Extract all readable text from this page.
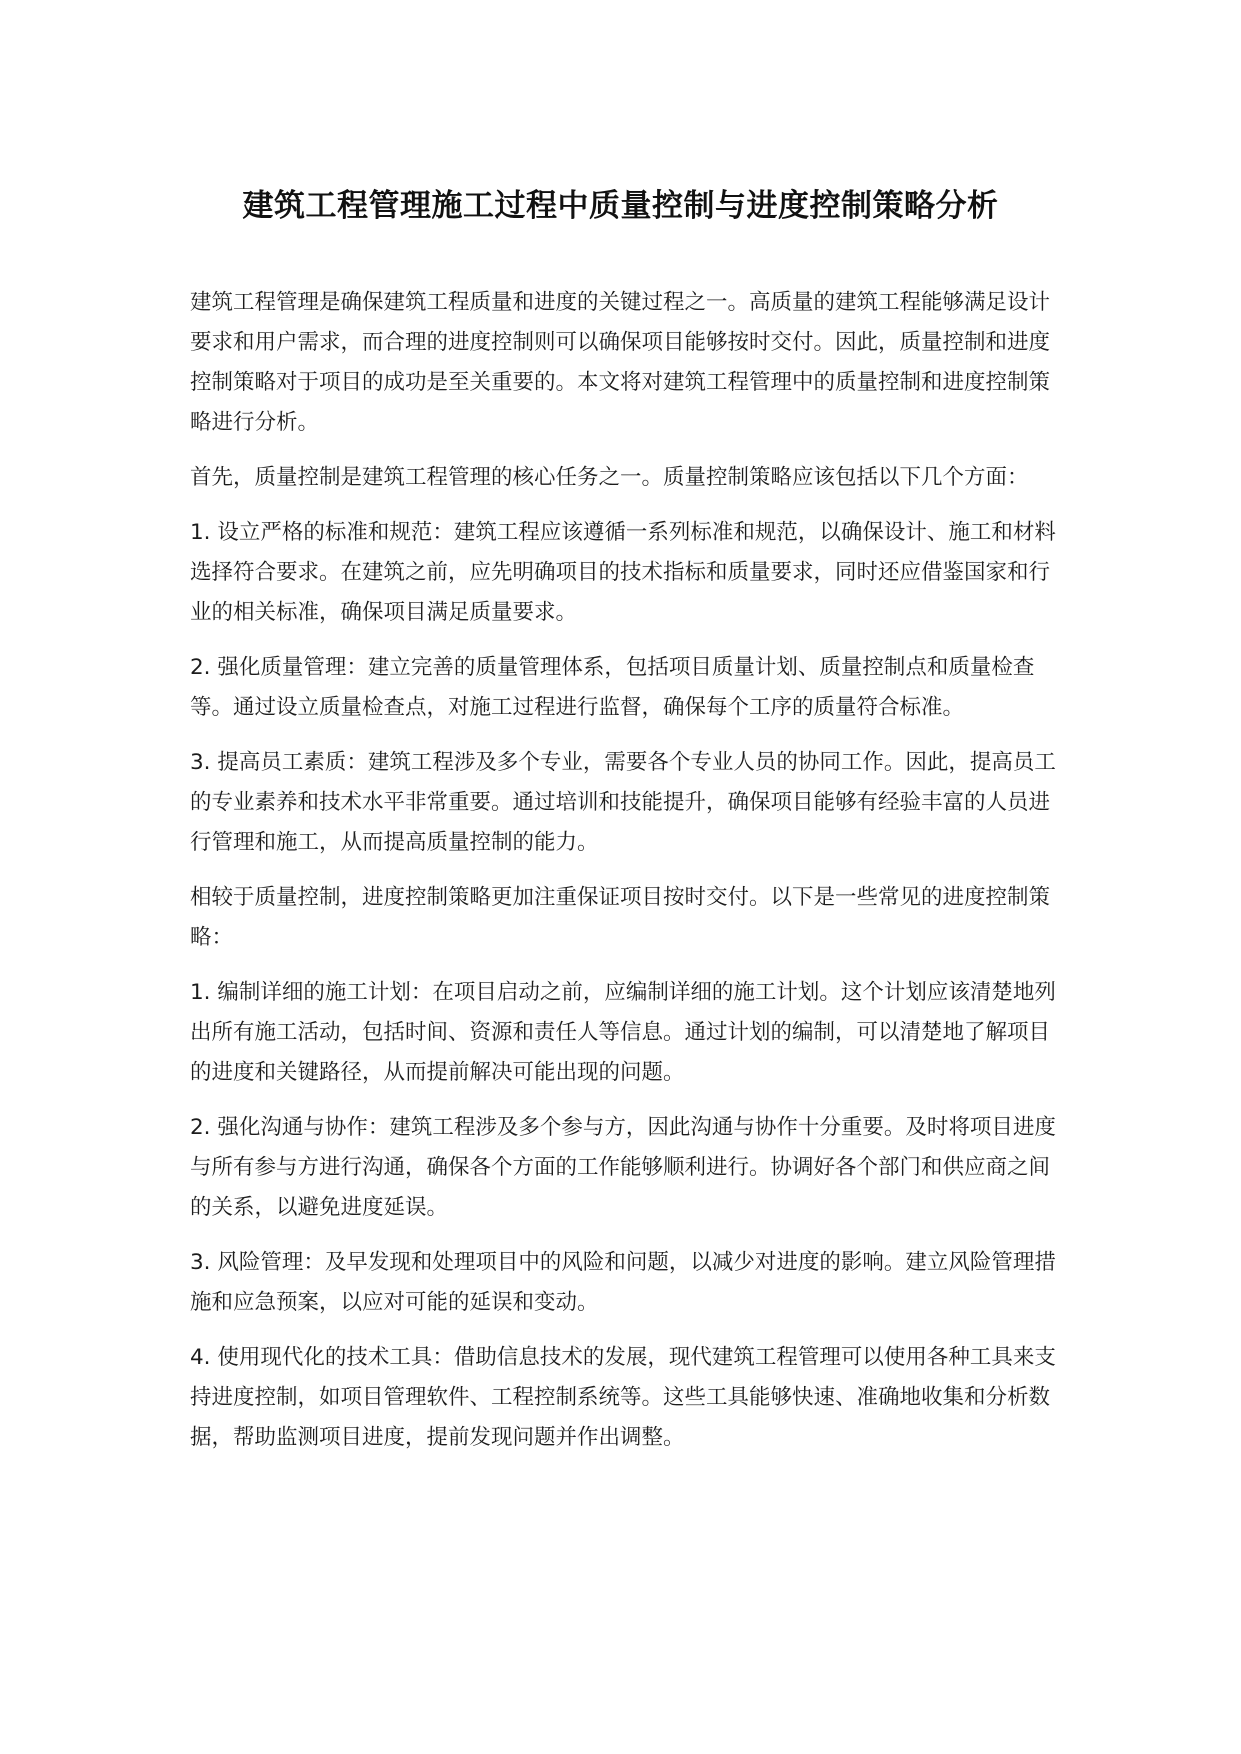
建筑工程管理施工过程中质量控制与进度控制策略分析

建筑工程管理是确保建筑工程质量和进度的关键过程之一。高质量的建筑工程能够满足设计要求和用户需求，而合理的进度控制则可以确保项目能够按时交付。因此，质量控制和进度控制策略对于项目的成功是至关重要的。本文将对建筑工程管理中的质量控制和进度控制策略进行分析。

首先，质量控制是建筑工程管理的核心任务之一。质量控制策略应该包括以下几个方面：

1. 设立严格的标准和规范：建筑工程应该遵循一系列标准和规范，以确保设计、施工和材料选择符合要求。在建筑之前，应先明确项目的技术指标和质量要求，同时还应借鉴国家和行业的相关标准，确保项目满足质量要求。

2. 强化质量管理：建立完善的质量管理体系，包括项目质量计划、质量控制点和质量检查等。通过设立质量检查点，对施工过程进行监督，确保每个工序的质量符合标准。

3. 提高员工素质：建筑工程涉及多个专业，需要各个专业人员的协同工作。因此，提高员工的专业素养和技术水平非常重要。通过培训和技能提升，确保项目能够有经验丰富的人员进行管理和施工，从而提高质量控制的能力。

相较于质量控制，进度控制策略更加注重保证项目按时交付。以下是一些常见的进度控制策略：

1. 编制详细的施工计划：在项目启动之前，应编制详细的施工计划。这个计划应该清楚地列出所有施工活动，包括时间、资源和责任人等信息。通过计划的编制，可以清楚地了解项目的进度和关键路径，从而提前解决可能出现的问题。

2. 强化沟通与协作：建筑工程涉及多个参与方，因此沟通与协作十分重要。及时将项目进度与所有参与方进行沟通，确保各个方面的工作能够顺利进行。协调好各个部门和供应商之间的关系，以避免进度延误。

3. 风险管理：及早发现和处理项目中的风险和问题，以减少对进度的影响。建立风险管理措施和应急预案，以应对可能的延误和变动。

4. 使用现代化的技术工具：借助信息技术的发展，现代建筑工程管理可以使用各种工具来支持进度控制，如项目管理软件、工程控制系统等。这些工具能够快速、准确地收集和分析数据，帮助监测项目进度，提前发现问题并作出调整。
